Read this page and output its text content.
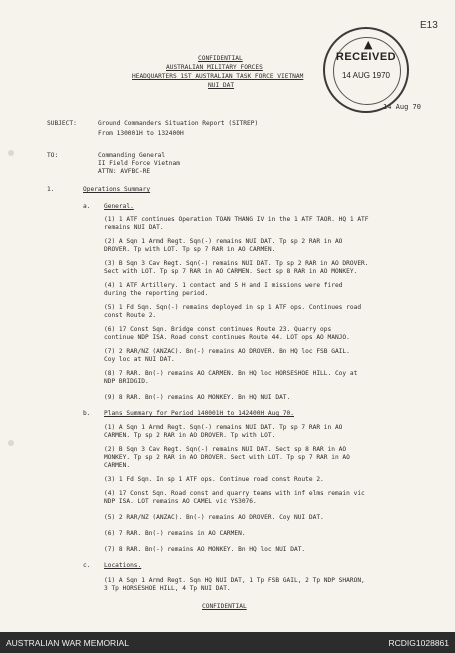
CONFIDENTIAL
AUSTRALIAN MILITARY FORCES
HEADQUARTERS 1ST AUSTRALIAN TASK FORCE VIETNAM
NUI DAT
14 Aug 70
E13
▲
RECEIVED
14 AUG 1970
SUBJECT:	Ground Commanders Situation Report (SITREP)
From 130001H to 132400H
TO:	Commanding General
II Field Force Vietnam
ATTN: AVFBC-RE
1.	Operations Summary
a. General.
(1) 1 ATF continues Operation TOAN THANG IV in the 1 ATF TAOR. HQ 1 ATF
remains NUI DAT.
(2) A Sqn 1 Armd Regt. Sqn(-) remains NUI DAT. Tp sp 2 RAR in AO
DROVER. Tp with LOT. Tp sp 7 RAR in AO CARMEN.
(3) B Sqn 3 Cav Regt. Sqn(-) remains NUI DAT. Tp sp 2 RAR in AO DROVER.
Sect with LOT. Tp sp 7 RAR in AO CARMEN. Sect sp 8 RAR in AO MONKEY.
(4) 1 ATF Artillery. 1 contact and 5 H and I missions were fired
during the reporting period.
(5) 1 Fd Sqn. Sqn(-) remains deployed in sp 1 ATF ops. Continues road
const Route 2.
(6) 17 Const Sqn. Bridge const continues Route 23. Quarry ops
continue NDP ISA. Road const continues Route 44. LOT ops AO MANJO.
(7) 2 RAR/NZ (ANZAC). Bn(-) remains AO DROVER. Bn HQ loc FSB GAIL.
Coy loc at NUI DAT.
(8) 7 RAR. Bn(-) remains AO CARMEN. Bn HQ loc HORSESHOE HILL. Coy at
NDP BRIDGID.
(9) 8 RAR. Bn(-) remains AO MONKEY. Bn HQ NUI DAT.
b. Plans Summary for Period 140001H to 142400H Aug 70.
(1) A Sqn 1 Armd Regt. Sqn(-) remains NUI DAT. Tp sp 7 RAR in AO
CARMEN. Tp sp 2 RAR in AO DROVER. Tp with LOT.
(2) B Sqn 3 Cav Regt. Sqn(-) remains NUI DAT. Sect sp 8 RAR in AO
MONKEY. Tp sp 2 RAR in AO DROVER. Sect with LOT. Tp sp 7 RAR in AO
CARMEN.
(3) 1 Fd Sqn. In sp 1 ATF ops. Continue road const Route 2.
(4) 17 Const Sqn. Road const and quarry teams with inf elms remain vic
NDP ISA. LOT remains AO CAMEL vic YS3076.
(5) 2 RAR/NZ (ANZAC). Bn(-) remains AO DROVER. Coy NUI DAT.
(6) 7 RAR. Bn(-) remains in AO CARMEN.
(7) 8 RAR. Bn(-) remains AO MONKEY. Bn HQ loc NUI DAT.
c. Locations.
(1) A Sqn 1 Armd Regt. Sqn HQ NUI DAT, 1 Tp FSB GAIL, 2 Tp NDP SHARON,
3 Tp HORSESHOE HILL, 4 Tp NUI DAT.
CONFIDENTIAL
AUSTRALIAN WAR MEMORIAL	RCDIG1028861
